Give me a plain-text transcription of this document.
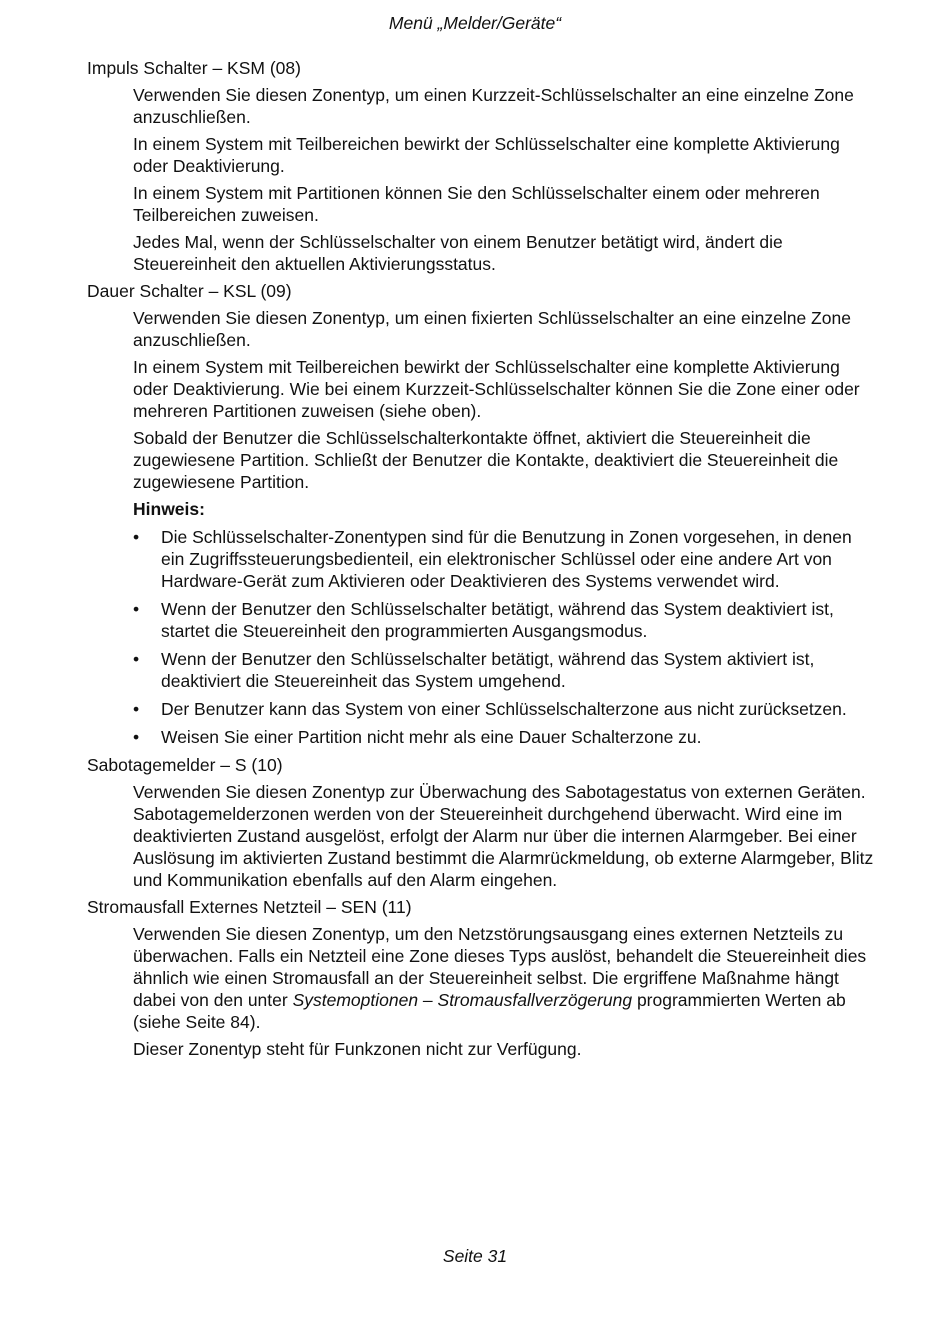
Menü „Melder/Geräte“
Impuls Schalter – KSM (08)
Verwenden Sie diesen Zonentyp, um einen Kurzzeit-Schlüsselschalter an eine einzelne Zone anzuschließen.
In einem System mit Teilbereichen bewirkt der Schlüsselschalter eine komplette Aktivierung oder Deaktivierung.
In einem System mit Partitionen können Sie den Schlüsselschalter einem oder mehreren Teilbereichen zuweisen.
Jedes Mal, wenn der Schlüsselschalter von einem Benutzer betätigt wird, ändert die Steuereinheit den aktuellen Aktivierungsstatus.
Dauer Schalter – KSL (09)
Verwenden Sie diesen Zonentyp, um einen fixierten Schlüsselschalter an eine einzelne Zone anzuschließen.
In einem System mit Teilbereichen bewirkt der Schlüsselschalter eine komplette Aktivierung oder Deaktivierung. Wie bei einem Kurzzeit-Schlüsselschalter können Sie die Zone einer oder mehreren Partitionen zuweisen (siehe oben).
Sobald der Benutzer die Schlüsselschalterkontakte öffnet, aktiviert die Steuereinheit die zugewiesene Partition. Schließt der Benutzer die Kontakte, deaktiviert die Steuereinheit die zugewiesene Partition.
Hinweis:
•	Die Schlüsselschalter-Zonentypen sind für die Benutzung in Zonen vorgesehen, in denen ein Zugriffssteuerungsbedienteil, ein elektronischer Schlüssel oder eine andere Art von Hardware-Gerät zum Aktivieren oder Deaktivieren des Systems verwendet wird.
•	Wenn der Benutzer den Schlüsselschalter betätigt, während das System deaktiviert ist, startet die Steuereinheit den programmierten Ausgangsmodus.
•	Wenn der Benutzer den Schlüsselschalter betätigt, während das System aktiviert ist, deaktiviert die Steuereinheit das System umgehend.
•	Der Benutzer kann das System von einer Schlüsselschalterzone aus nicht zurücksetzen.
•	Weisen Sie einer Partition nicht mehr als eine Dauer Schalterzone zu.
Sabotagemelder – S (10)
Verwenden Sie diesen Zonentyp zur Überwachung des Sabotagestatus von externen Geräten. Sabotagemelderzonen werden von der Steuereinheit durchgehend überwacht. Wird eine im deaktivierten Zustand ausgelöst, erfolgt der Alarm nur über die internen Alarmgeber. Bei einer Auslösung im aktivierten Zustand bestimmt die Alarmrückmeldung, ob externe Alarmgeber, Blitz und Kommunikation ebenfalls auf den Alarm eingehen.
Stromausfall Externes Netzteil – SEN (11)
Verwenden Sie diesen Zonentyp, um den Netzstörungsausgang eines externen Netzteils zu überwachen. Falls ein Netzteil eine Zone dieses Typs auslöst, behandelt die Steuereinheit dies ähnlich wie einen Stromausfall an der Steuereinheit selbst. Die ergriffene Maßnahme hängt dabei von den unter Systemoptionen – Stromausfallverzögerung programmierten Werten ab (siehe Seite 84).
Dieser Zonentyp steht für Funkzonen nicht zur Verfügung.
Seite 31
